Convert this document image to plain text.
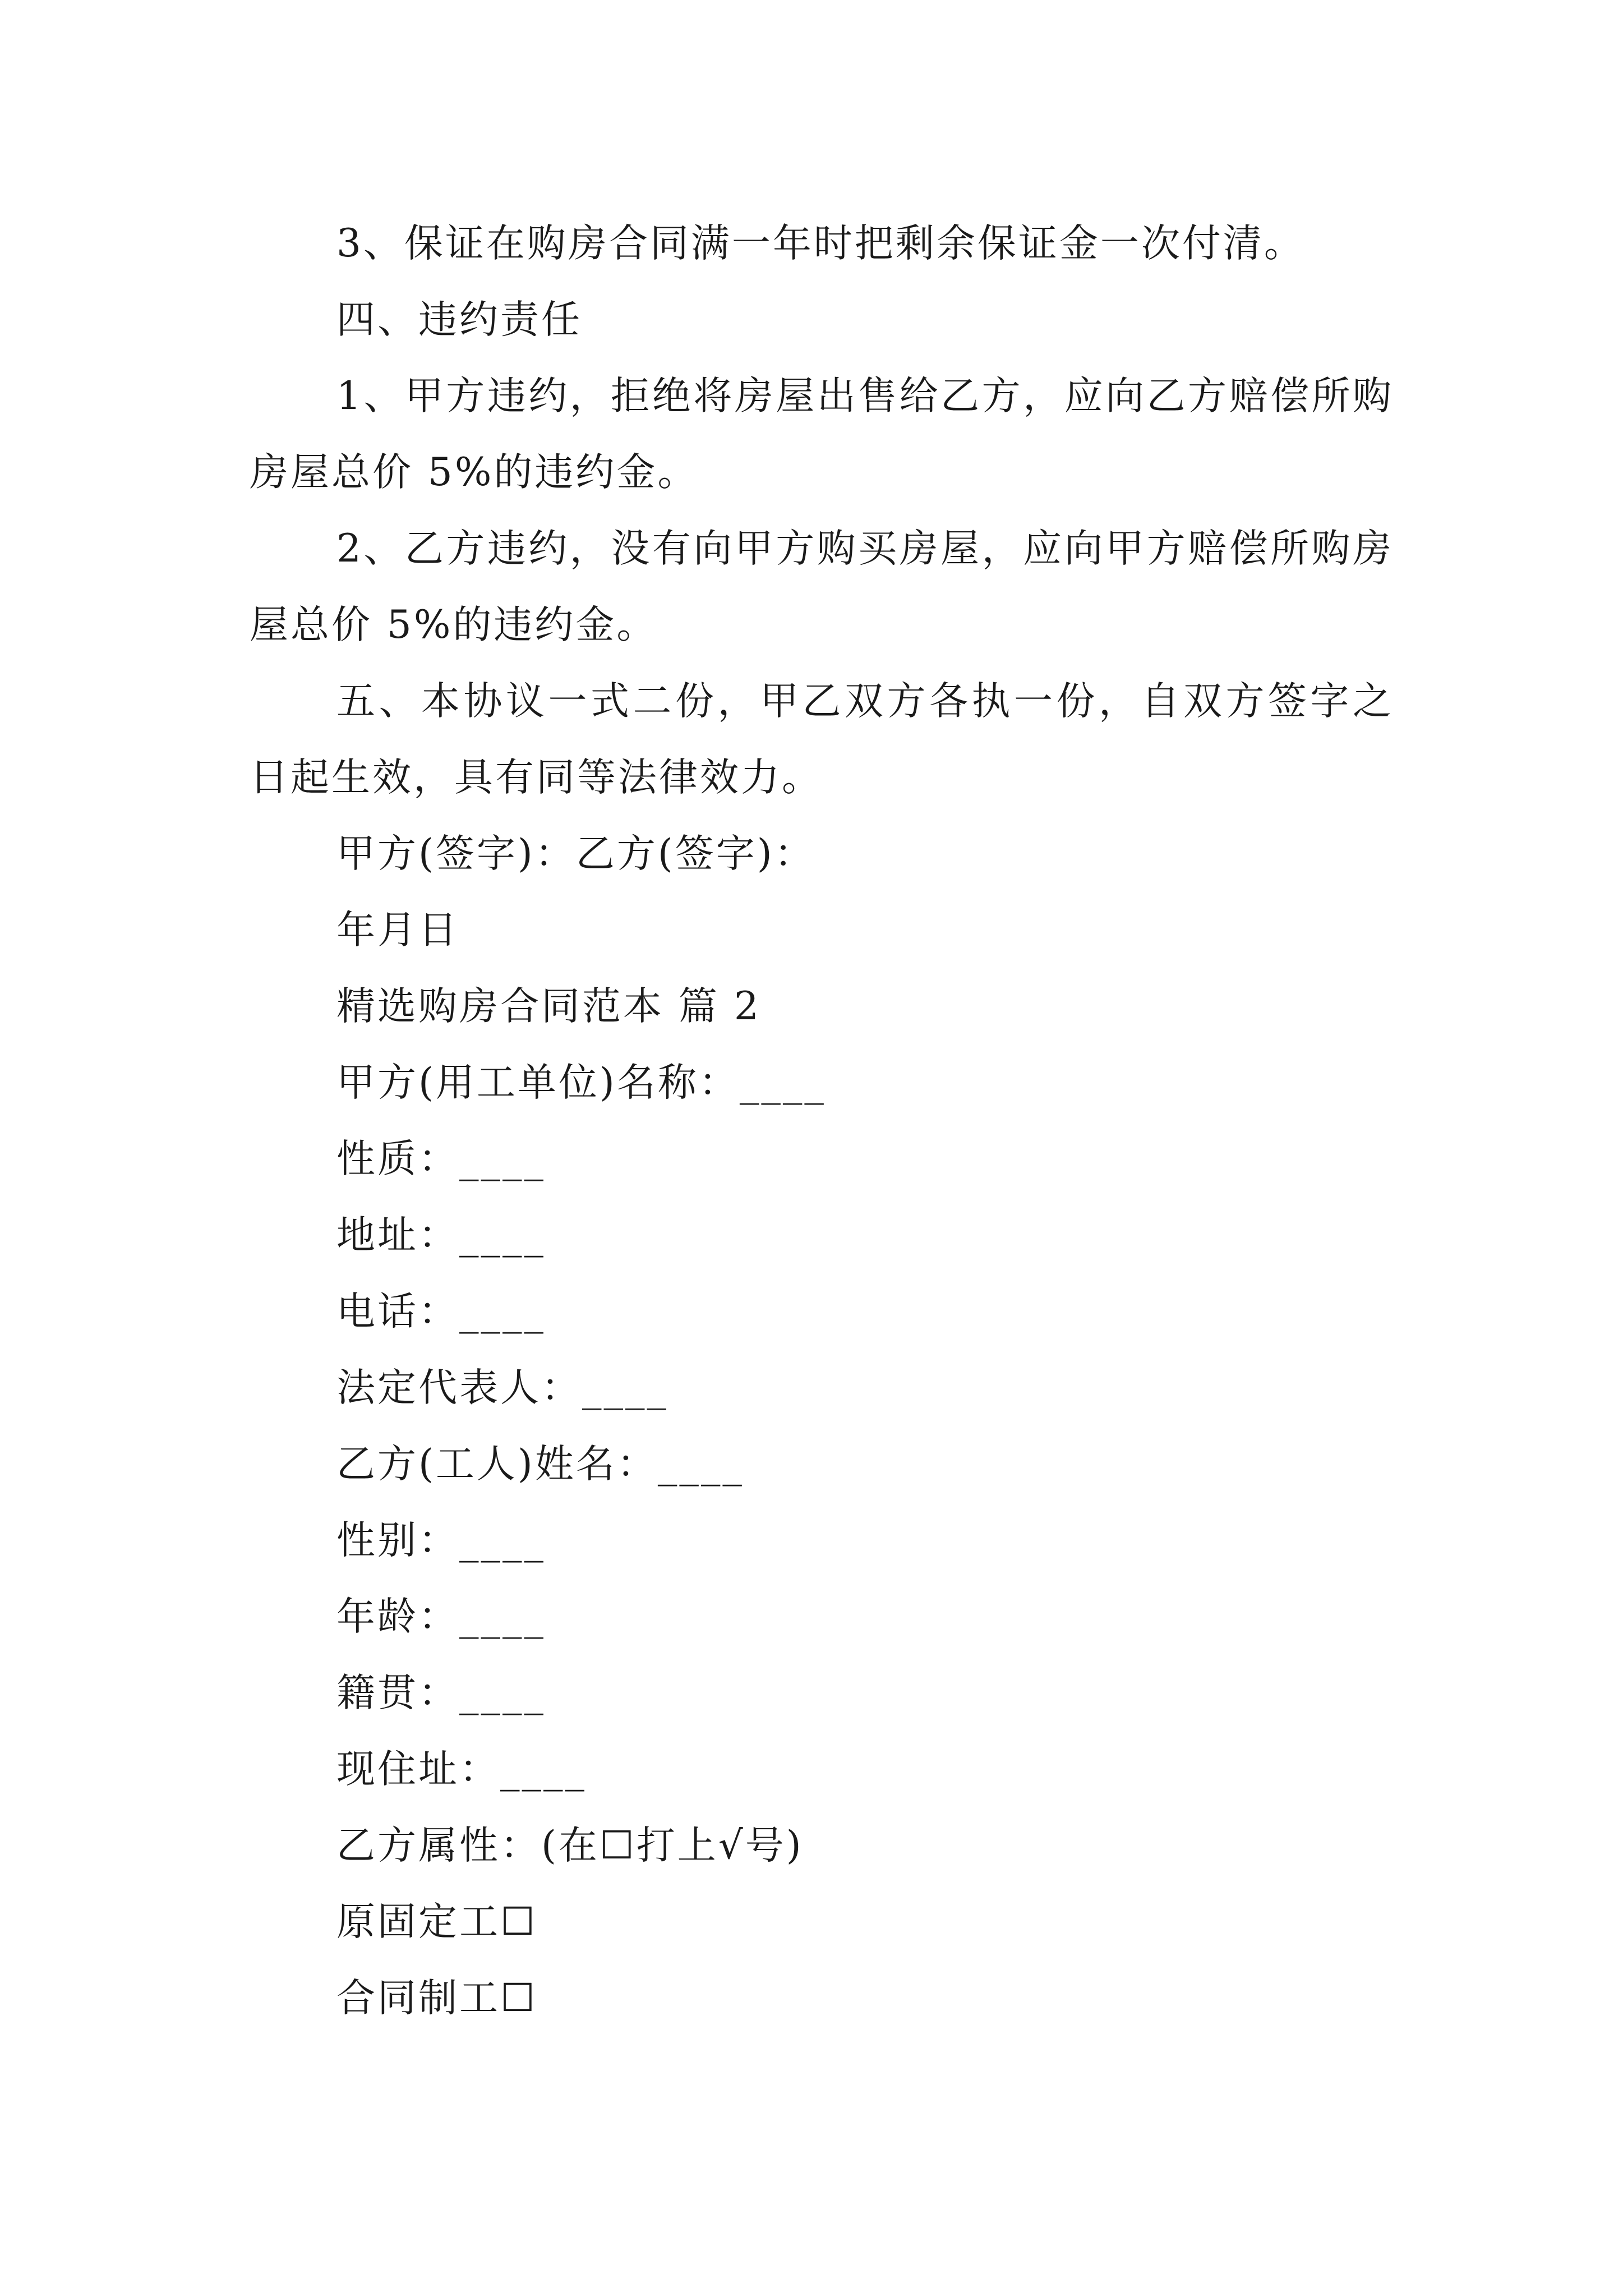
3、保证在购房合同满一年时把剩余保证金一次付清。
四、违约责任
1、甲方违约，拒绝将房屋出售给乙方，应向乙方赔偿所购房屋总价 5%的违约金。
2、乙方违约，没有向甲方购买房屋，应向甲方赔偿所购房屋总价 5%的违约金。
五、本协议一式二份，甲乙双方各执一份，自双方签字之日起生效，具有同等法律效力。
甲方(签字)：乙方(签字)：
年月日
精选购房合同范本 篇 2
甲方(用工单位)名称：____
性质：____
地址：____
电话：____
法定代表人：____
乙方(工人)姓名：____
性别：____
年龄：____
籍贯：____
现住址：____
乙方属性：(在☐打上√号)
原固定工☐
合同制工☐
